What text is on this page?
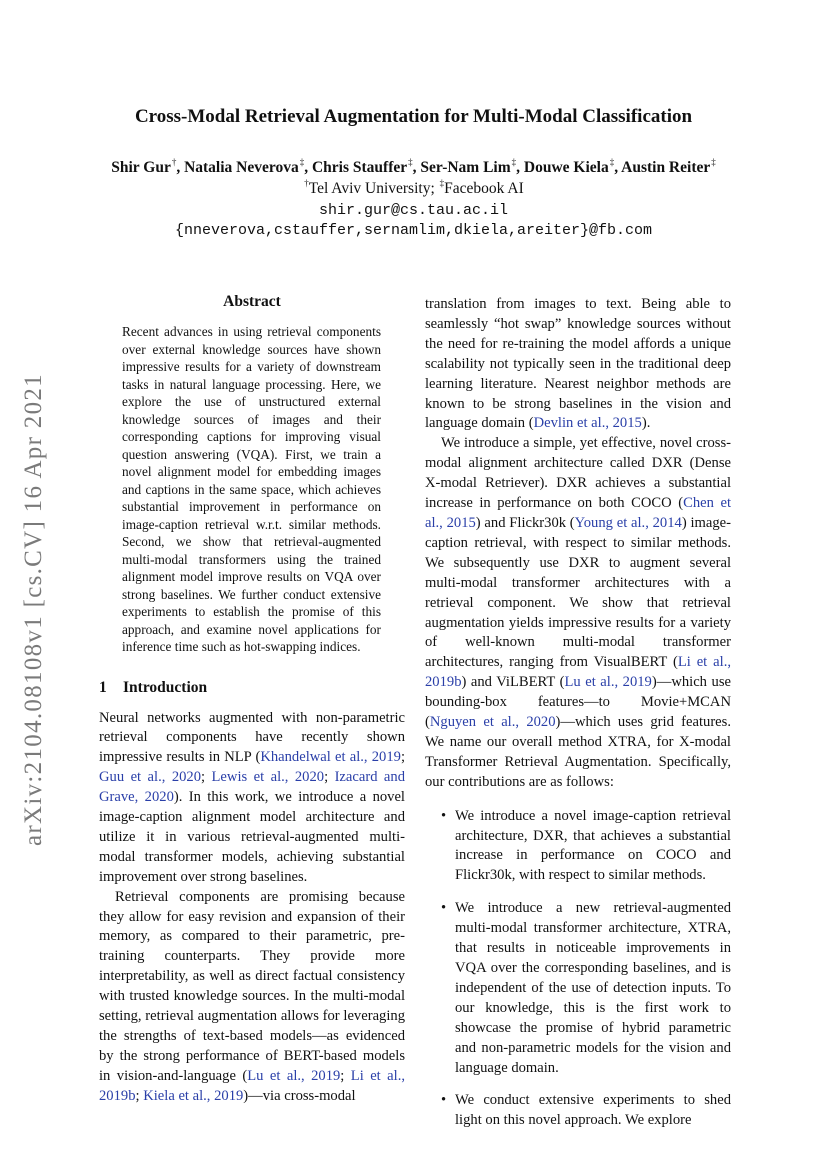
arXiv:2104.08108v1 [cs.CV] 16 Apr 2021
Cross-Modal Retrieval Augmentation for Multi-Modal Classification
Shir Gur†, Natalia Neverova‡, Chris Stauffer‡, Ser-Nam Lim‡, Douwe Kiela‡, Austin Reiter‡
†Tel Aviv University; ‡Facebook AI
shir.gur@cs.tau.ac.il
{nneverova,cstauffer,sernamlim,dkiela,areiter}@fb.com
Abstract

Recent advances in using retrieval components over external knowledge sources have shown impressive results for a variety of downstream tasks in natural language processing. Here, we explore the use of unstructured external knowledge sources of images and their corresponding captions for improving visual question answering (VQA). First, we train a novel alignment model for embedding images and captions in the same space, which achieves substantial improvement in performance on image-caption retrieval w.r.t. similar methods. Second, we show that retrieval-augmented multi-modal transformers using the trained alignment model improve results on VQA over strong baselines. We further conduct extensive experiments to establish the promise of this approach, and examine novel applications for inference time such as hot-swapping indices.

1 Introduction

Neural networks augmented with non-parametric retrieval components have recently shown impressive results in NLP (Khandelwal et al., 2019; Guu et al., 2020; Lewis et al., 2020; Izacard and Grave, 2020). In this work, we introduce a novel image-caption alignment model architecture and utilize it in various retrieval-augmented multi-modal transformer models, achieving substantial improvement over strong baselines.

Retrieval components are promising because they allow for easy revision and expansion of their memory, as compared to their parametric, pre-training counterparts. They provide more interpretability, as well as direct factual consistency with trusted knowledge sources. In the multi-modal setting, retrieval augmentation allows for leveraging the strengths of text-based models—as evidenced by the strong performance of BERT-based models in vision-and-language (Lu et al., 2019; Li et al., 2019b; Kiela et al., 2019)—via cross-modal

translation from images to text. Being able to seamlessly “hot swap” knowledge sources without the need for re-training the model affords a unique scalability not typically seen in the traditional deep learning literature. Nearest neighbor methods are known to be strong baselines in the vision and language domain (Devlin et al., 2015).

We introduce a simple, yet effective, novel cross-modal alignment architecture called DXR (Dense X-modal Retriever). DXR achieves a substantial increase in performance on both COCO (Chen et al., 2015) and Flickr30k (Young et al., 2014) image-caption retrieval, with respect to similar methods. We subsequently use DXR to augment several multi-modal transformer architectures with a retrieval component. We show that retrieval augmentation yields impressive results for a variety of well-known multi-modal transformer architectures, ranging from VisualBERT (Li et al., 2019b) and ViLBERT (Lu et al., 2019)—which use bounding-box features—to Movie+MCAN (Nguyen et al., 2020)—which uses grid features. We name our overall method XTRA, for X-modal Transformer Retrieval Augmentation. Specifically, our contributions are as follows:

• We introduce a novel image-caption retrieval architecture, DXR, that achieves a substantial increase in performance on COCO and Flickr30k, with respect to similar methods.
• We introduce a new retrieval-augmented multi-modal transformer architecture, XTRA, that results in noticeable improvements in VQA over the corresponding baselines, and is independent of the use of detection inputs. To our knowledge, this is the first work to showcase the promise of hybrid parametric and non-parametric models for the vision and language domain.
• We conduct extensive experiments to shed light on this novel approach. We explore
